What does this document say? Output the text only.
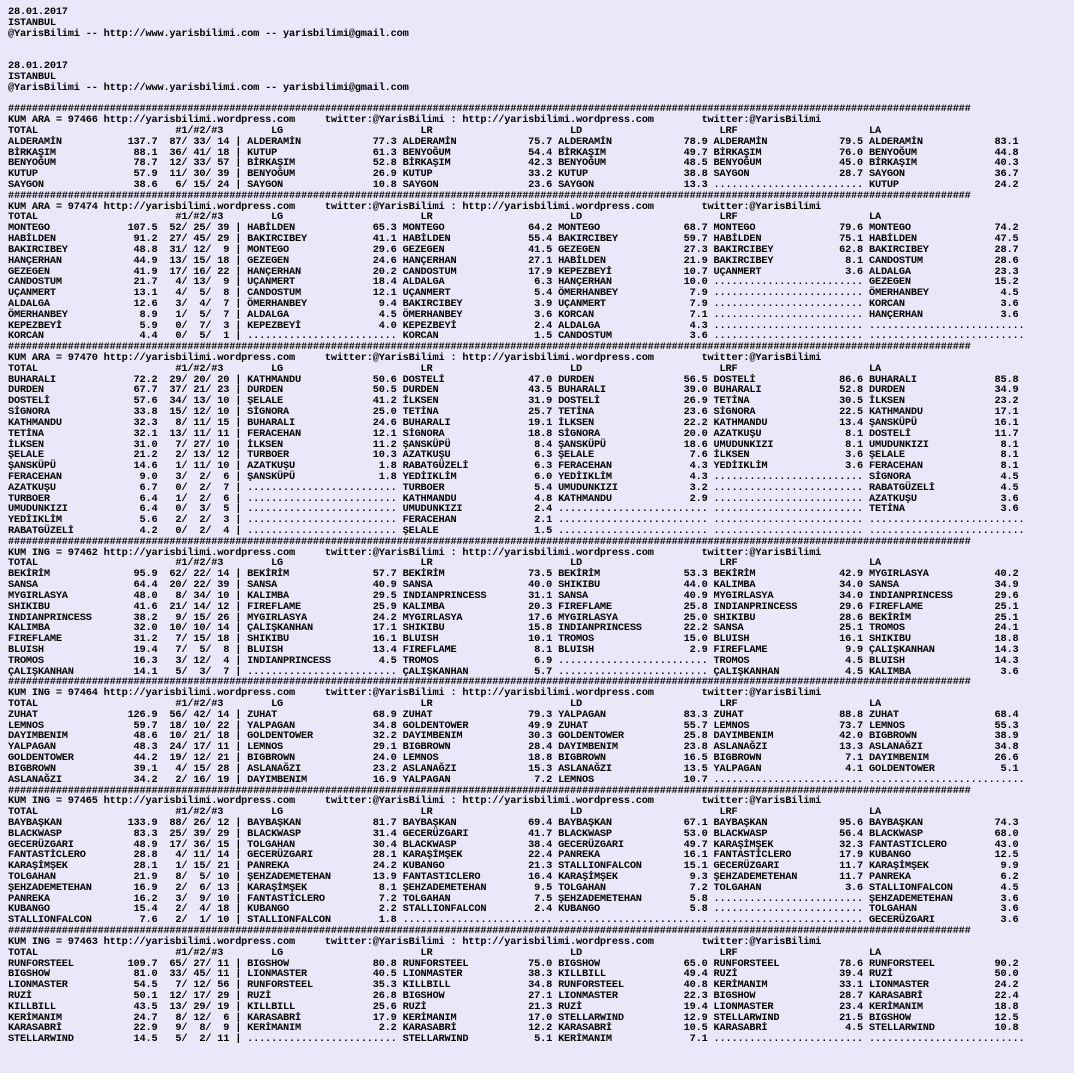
28.01.2017
ISTANBUL
@YarisBilimi -- http://www.yarisbilimi.com -- yarisbilimi@gmail.com

28.01.2017
ISTANBUL
@YarisBilimi -- http://www.yarisbilimi.com -- yarisbilimi@gmail.com

#################################################################################################################################################################
KUM ARA = 97466 http://yarisbilimi.wordpress.com     twitter:@YarisBilimi : http://yarisbilimi.wordpress.com        twitter:@YarisBilimi
TOTAL                       #1/#2/#3        LG                       LR                       LD                       LRF                      LA
ALDERAMİN           137.7  87/ 33/ 14 | ALDERAMİN            77.3 ALDERAMİN            75.7 ALDERAMİN            78.9 ALDERAMİN            79.5 ALDERAMİN            83.1
BİRKAŞIM             88.1  36/ 41/ 18 | KUTUP                61.3 BENYOĞUM             54.4 BİRKAŞIM             49.7 BİRKAŞIM             76.0 BENYOĞUM             44.8
BENYOĞUM             78.7  12/ 33/ 57 | BİRKAŞIM             52.8 BİRKAŞIM             42.3 BENYOĞUM             48.5 BENYOĞUM             45.0 BİRKAŞIM             40.3
KUTUP                57.9  11/ 30/ 39 | BENYOĞUM             26.9 KUTUP                33.2 KUTUP                38.8 SAYGON               28.7 SAYGON               36.7
SAYGON               38.6   6/ 15/ 24 | SAYGON               10.8 SAYGON               23.6 SAYGON               13.3 ......................... KUTUP                24.2
#################################################################################################################################################################
KUM ARA = 97474 http://yarisbilimi.wordpress.com     twitter:@YarisBilimi : http://yarisbilimi.wordpress.com        twitter:@YarisBilimi
TOTAL                       #1/#2/#3        LG                       LR                       LD                       LRF                      LA
MONTEGO             107.5  52/ 25/ 39 | HABİLDEN             65.3 MONTEGO              64.2 MONTEGO              68.7 MONTEGO              79.6 MONTEGO              74.2
HABİLDEN             91.2  27/ 45/ 29 | BAKIRCIBEY           41.1 HABİLDEN             55.4 BAKIRCIBEY           59.7 HABİLDEN             75.1 HABİLDEN             47.5
BAKIRCIBEY           48.8  31/ 12/  9 | MONTEGO              29.6 GEZEGEN              41.5 GEZEGEN              27.3 BAKIRCIBEY           62.8 BAKIRCIBEY           28.7
HANÇERHAN            44.9  13/ 15/ 18 | GEZEGEN              24.6 HANÇERHAN            27.1 HABİLDEN             21.9 BAKIRCIBEY            8.1 CANDOSTUM            28.6
GEZEGEN              41.9  17/ 16/ 22 | HANÇERHAN            20.2 CANDOSTUM            17.9 KEPEZBEYİ            10.7 UÇANMERT              3.6 ALDALGA              23.3
CANDOSTUM            21.7   4/ 13/  9 | UÇANMERT             18.4 ALDALGA               6.3 HANÇERHAN            10.0 ......................... GEZEGEN              15.2
UÇANMERT             13.1   4/  5/  8 | CANDOSTUM            12.1 UÇANMERT              5.4 ÖMERHANBEY            7.9 ......................... ÖMERHANBEY            4.5
ALDALGA              12.6   3/  4/  7 | ÖMERHANBEY            9.4 BAKIRCIBEY            3.9 UÇANMERT              7.9 ......................... KORCAN                3.6
ÖMERHANBEY            8.9   1/  5/  7 | ALDALGA               4.5 ÖMERHANBEY            3.6 KORCAN                7.1 ......................... HANÇERHAN             3.6
KEPEZBEYİ             5.9   0/  7/  3 | KEPEZBEYİ             4.0 KEPEZBEYİ             2.4 ALDALGA               4.3 ......................... ..........................
KORCAN                4.4   0/  5/  1 | ......................... KORCAN                1.5 CANDOSTUM             3.6 ......................... ..........................
#################################################################################################################################################################
KUM ARA = 97470 http://yarisbilimi.wordpress.com     twitter:@YarisBilimi : http://yarisbilimi.wordpress.com        twitter:@YarisBilimi
TOTAL                       #1/#2/#3        LG                       LR                       LD                       LRF                      LA
BUHARALI             72.2  29/ 20/ 20 | KATHMANDU            50.6 DOSTELİ              47.0 DURDEN               56.5 DOSTELİ              86.6 BUHARALI             85.8
DURDEN               67.7  37/ 21/ 23 | DURDEN               50.5 DURDEN               43.5 BUHARALI             39.0 BUHARALI             52.8 DURDEN               34.9
DOSTELİ              57.6  34/ 13/ 10 | ŞELALE               41.2 İLKSEN               31.9 DOSTELİ              26.9 TETİNA               30.5 İLKSEN               23.2
SİGNORA              33.8  15/ 12/ 10 | SİGNORA              25.0 TETİNA               25.7 TETİNA               23.6 SİGNORA              22.5 KATHMANDU            17.1
KATHMANDU            32.3   8/ 11/ 15 | BUHARALI             24.6 BUHARALI             19.1 İLKSEN               22.2 KATHMANDU            13.4 ŞANSKÜPÜ             16.1
TETİNA               32.1  13/ 11/ 11 | FERACEHAN            12.1 SİGNORA              18.8 SİGNORA              20.0 AZATKUŞU              8.1 DOSTELİ              11.7
İLKSEN               31.0   7/ 27/ 10 | İLKSEN               11.2 ŞANSKÜPÜ              8.4 ŞANSKÜPÜ             18.6 UMUDUNKIZI            8.1 UMUDUNKIZI            8.1
ŞELALE               21.2   2/ 13/ 12 | TURBOER              10.3 AZATKUŞU              6.3 ŞELALE                7.6 İLKSEN                3.6 ŞELALE                8.1
ŞANSKÜPÜ             14.6   1/ 11/ 10 | AZATKUŞU              1.8 RABATGÜZELİ           6.3 FERACEHAN             4.3 YEDİIKLİM             3.6 FERACEHAN             8.1
FERACEHAN             9.0   3/  2/  6 | ŞANSKÜPÜ              1.8 YEDİIKLİM             6.0 YEDİIKLİM             4.3 ......................... SİGNORA               4.5
AZATKUŞU              6.7   0/  2/  7 | ......................... TURBOER               5.4 UMUDUNKIZI            3.2 ......................... RABATGÜZELİ           4.5
TURBOER               6.4   1/  2/  6 | ......................... KATHMANDU             4.8 KATHMANDU             2.9 ......................... AZATKUŞU              3.6
UMUDUNKIZI            6.4   0/  3/  5 | ......................... UMUDUNKIZI            2.4 ......................... ......................... TETİNA                3.6
YEDİIKLİM             5.6   2/  2/  3 | ......................... FERACEHAN             2.1 ......................... ......................... ..........................
RABATGÜZELİ           4.2   0/  2/  4 | ......................... ŞELALE                1.5 ......................... ......................... ..........................
#################################################################################################################################################################
KUM ING = 97462 http://yarisbilimi.wordpress.com     twitter:@YarisBilimi : http://yarisbilimi.wordpress.com        twitter:@YarisBilimi
TOTAL                       #1/#2/#3        LG                       LR                       LD                       LRF                      LA
BEKİRİM              95.9  62/ 22/ 14 | BEKİRİM              57.7 BEKİRİM              73.5 BEKİRİM              53.3 BEKİRİM              42.9 MYGIRLASYA           40.2
SANSA                64.4  20/ 22/ 39 | SANSA                40.9 SANSA                40.0 SHIKIBU              44.0 KALIMBA              34.0 SANSA                34.9
MYGIRLASYA           48.0   8/ 34/ 10 | KALIMBA              29.5 INDIANPRINCESS       31.1 SANSA                40.9 MYGIRLASYA           34.0 INDIANPRINCESS       29.6
SHIKIBU              41.6  21/ 14/ 12 | FIREFLAME            25.9 KALIMBA              20.3 FIREFLAME            25.8 INDIANPRINCESS       29.6 FIREFLAME            25.1
INDIANPRINCESS       38.2   9/ 15/ 26 | MYGIRLASYA           24.2 MYGIRLASYA           17.6 MYGIRLASYA           25.0 SHIKIBU              28.6 BEKİRİM              25.1
KALIMBA              32.0  10/ 10/ 14 | ÇALIŞKANHAN          17.1 SHIKIBU              15.8 INDIANPRINCESS       22.2 SANSA                25.1 TROMOS               24.1
FIREFLAME            31.2   7/ 15/ 18 | SHIKIBU              16.1 BLUISH               10.1 TROMOS               15.0 BLUISH               16.1 SHIKIBU              18.8
BLUISH               19.4   7/  5/  8 | BLUISH               13.4 FIREFLAME             8.1 BLUISH                2.9 FIREFLAME             9.9 ÇALIŞKANHAN          14.3
TROMOS               16.3   3/ 12/  4 | INDIANPRINCESS        4.5 TROMOS                6.9 ......................... TROMOS                4.5 BLUISH               14.3
ÇALIŞKANHAN          14.1   5/  3/  7 | ......................... ÇALIŞKANHAN           5.7 ......................... ÇALIŞKANHAN           4.5 KALIMBA               3.6
#################################################################################################################################################################
KUM ING = 97464 http://yarisbilimi.wordpress.com     twitter:@YarisBilimi : http://yarisbilimi.wordpress.com        twitter:@YarisBilimi
TOTAL                       #1/#2/#3        LG                       LR                       LD                       LRF                      LA
ZUHAT               126.9  56/ 42/ 14 | ZUHAT                68.9 ZUHAT                79.3 YALPAGAN             83.3 ZUHAT                88.8 ZUHAT                68.4
LEMNOS               59.7  18/ 10/ 22 | YALPAGAN             34.8 GOLDENTOWER          49.9 ZUHAT                55.7 LEMNOS               73.7 LEMNOS               55.3
DAYIMBENIM           48.6  10/ 21/ 18 | GOLDENTOWER          32.2 DAYIMBENIM           30.3 GOLDENTOWER          25.8 DAYIMBENIM           42.0 BIGBROWN             38.9
YALPAGAN             48.3  24/ 17/ 11 | LEMNOS               29.1 BIGBROWN             28.4 DAYIMBENIM           23.8 ASLANAĞZI            13.3 ASLANAĞZI            34.8
GOLDENTOWER          44.2  19/ 12/ 21 | BIGBROWN             24.0 LEMNOS               18.8 BIGBROWN             16.5 BIGBROWN              7.1 DAYIMBENIM           26.6
BIGBROWN             39.1   4/ 15/ 28 | ASLANAĞZI            23.2 ASLANAĞZI            15.3 ASLANAĞZI            13.5 YALPAGAN              4.1 GOLDENTOWER           5.1
ASLANAĞZI            34.2   2/ 16/ 19 | DAYIMBENIM           16.9 YALPAGAN              7.2 LEMNOS               10.7 ......................... ..........................
#################################################################################################################################################################
KUM ING = 97465 http://yarisbilimi.wordpress.com     twitter:@YarisBilimi : http://yarisbilimi.wordpress.com        twitter:@YarisBilimi
TOTAL                       #1/#2/#3        LG                       LR                       LD                       LRF                      LA
BAYBAŞKAN           133.9  88/ 26/ 12 | BAYBAŞKAN            81.7 BAYBAŞKAN            69.4 BAYBAŞKAN            67.1 BAYBAŞKAN            95.6 BAYBAŞKAN            74.3
BLACKWASP            83.3  25/ 39/ 29 | BLACKWASP            31.4 GECERÜZGARI          41.7 BLACKWASP            53.0 BLACKWASP            56.4 BLACKWASP            68.0
GECERÜZGARI          48.9  17/ 36/ 15 | TOLGAHAN             30.4 BLACKWASP            38.4 GECERÜZGARI          49.7 KARAŞİMŞEK           32.3 FANTASTICLERO        43.0
FANTASTİCLERO        28.8   4/ 11/ 14 | GECERÜZGARI          28.1 KARAŞİMŞEK           22.4 PANREKA              16.1 FANTASTİCLERO        17.9 KUBANGO              12.5
KARAŞİMŞEK           28.1   1/ 15/ 21 | PANREKA              24.2 KUBANGO              21.3 STALLIONFALCON       15.1 GECERÜZGARI          11.7 KARAŞİMŞEK            9.9
TOLGAHAN             21.9   8/  5/ 10 | ŞEHZADEMETEHAN       13.9 FANTASTICLERO        16.4 KARAŞİMŞEK            9.3 ŞEHZADEMETEHAN       11.7 PANREKA               6.2
ŞEHZADEMETEHAN       16.9   2/  6/ 13 | KARAŞİMŞEK            8.1 ŞEHZADEMETEHAN        9.5 TOLGAHAN              7.2 TOLGAHAN              3.6 STALLIONFALCON        4.5
PANREKA              16.2   3/  9/ 10 | FANTASTİCLERO         7.2 TOLGAHAN              7.5 ŞEHZADEMETEHAN        5.8 ......................... ŞEHZADEMETEHAN        3.6
KUBANGO              15.4   2/  4/ 18 | KUBANGO               2.2 STALLIONFALCON        2.4 KUBANGO               5.8 ......................... TOLGAHAN              3.6
STALLIONFALCON        7.6   2/  1/ 10 | STALLIONFALCON        1.8 ......................... ......................... ......................... GECERÜZGARI           3.6
#################################################################################################################################################################
KUM ING = 97463 http://yarisbilimi.wordpress.com     twitter:@YarisBilimi : http://yarisbilimi.wordpress.com        twitter:@YarisBilimi
TOTAL                       #1/#2/#3        LG                       LR                       LD                       LRF                      LA
RUNFORSTEEL         109.7  65/ 27/ 11 | BIGSHOW              80.8 RUNFORSTEEL          75.0 BIGSHOW              65.0 RUNFORSTEEL          78.6 RUNFORSTEEL          90.2
BIGSHOW              81.0  33/ 45/ 11 | LIONMASTER           40.5 LIONMASTER           38.3 KILLBILL             49.4 RUZİ                 39.4 RUZİ                 50.0
LIONMASTER           54.5   7/ 12/ 56 | RUNFORSTEEL          35.3 KILLBILL             34.8 RUNFORSTEEL          40.8 KERİMANIM            33.1 LIONMASTER           24.2
RUZİ                 50.1  12/ 17/ 29 | RUZİ                 26.8 BIGSHOW              27.1 LIONMASTER           22.3 BIGSHOW              28.7 KARASABRİ            22.4
KILLBILL             43.5  13/ 29/ 19 | KILLBILL             25.6 RUZİ                 21.3 RUZİ                 19.4 LIONMASTER           23.4 KERİMANIM            18.8
KERİMANIM            24.7   8/ 12/  6 | KARASABRİ            17.9 KERİMANIM            17.0 STELLARWIND          12.9 STELLARWIND          21.5 BIGSHOW              12.5
KARASABRİ            22.9   9/  8/  9 | KERİMANIM             2.2 KARASABRİ            12.2 KARASABRİ            10.5 KARASABRİ             4.5 STELLARWIND          10.8
STELLARWIND          14.5   5/  2/ 11 | ......................... STELLARWIND           5.1 KERİMANIM             7.1 ......................... ..........................
